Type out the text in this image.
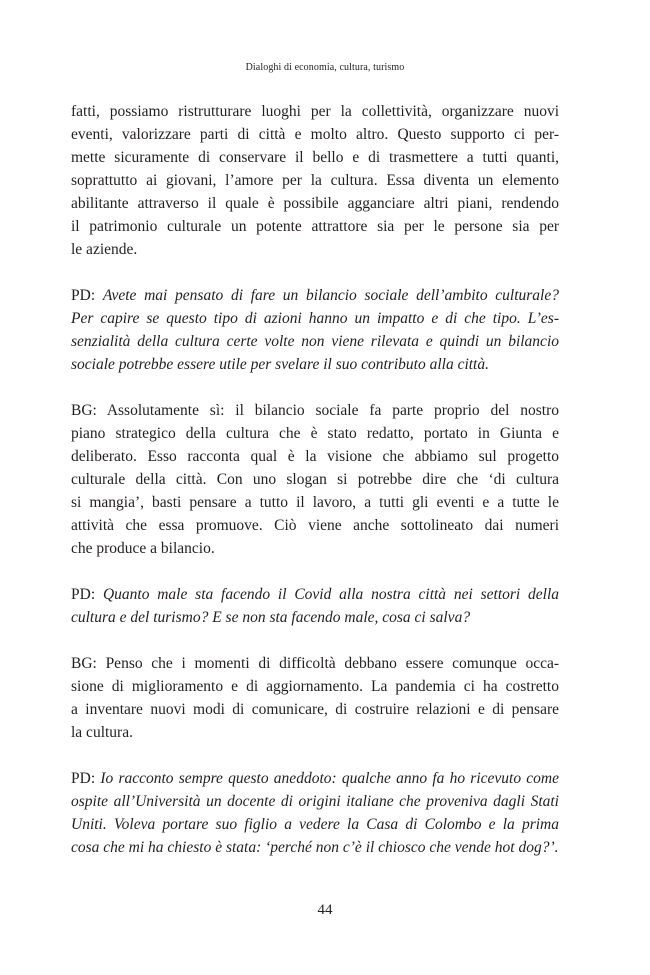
Dialoghi di economia, cultura, turismo
fatti, possiamo ristrutturare luoghi per la collettività, organizzare nuovi
eventi, valorizzare parti di città e molto altro. Questo supporto ci per-
mette sicuramente di conservare il bello e di trasmettere a tutti quanti,
soprattutto ai giovani, l’amore per la cultura. Essa diventa un elemento
abilitante attraverso il quale è possibile agganciare altri piani, rendendo
il patrimonio culturale un potente attrattore sia per le persone sia per
le aziende.
PD: Avete mai pensato di fare un bilancio sociale dell’ambito culturale?
Per capire se questo tipo di azioni hanno un impatto e di che tipo. L’es-
senzialità della cultura certe volte non viene rilevata e quindi un bilancio
sociale potrebbe essere utile per svelare il suo contributo alla città.
BG: Assolutamente sì: il bilancio sociale fa parte proprio del nostro
piano strategico della cultura che è stato redatto, portato in Giunta e
deliberato. Esso racconta qual è la visione che abbiamo sul progetto
culturale della città. Con uno slogan si potrebbe dire che ‘di cultura
si mangia’, basti pensare a tutto il lavoro, a tutti gli eventi e a tutte le
attività che essa promuove. Ciò viene anche sottolineato dai numeri
che produce a bilancio.
PD: Quanto male sta facendo il Covid alla nostra città nei settori della
cultura e del turismo? E se non sta facendo male, cosa ci salva?
BG: Penso che i momenti di difficoltà debbano essere comunque occa-
sione di miglioramento e di aggiornamento. La pandemia ci ha costretto
a inventare nuovi modi di comunicare, di costruire relazioni e di pensare
la cultura.
PD: Io racconto sempre questo aneddoto: qualche anno fa ho ricevuto come
ospite all’Università un docente di origini italiane che proveniva dagli Stati
Uniti. Voleva portare suo figlio a vedere la Casa di Colombo e la prima
cosa che mi ha chiesto è stata: ‘perché non c’è il chiosco che vende hot dog?’.
44
